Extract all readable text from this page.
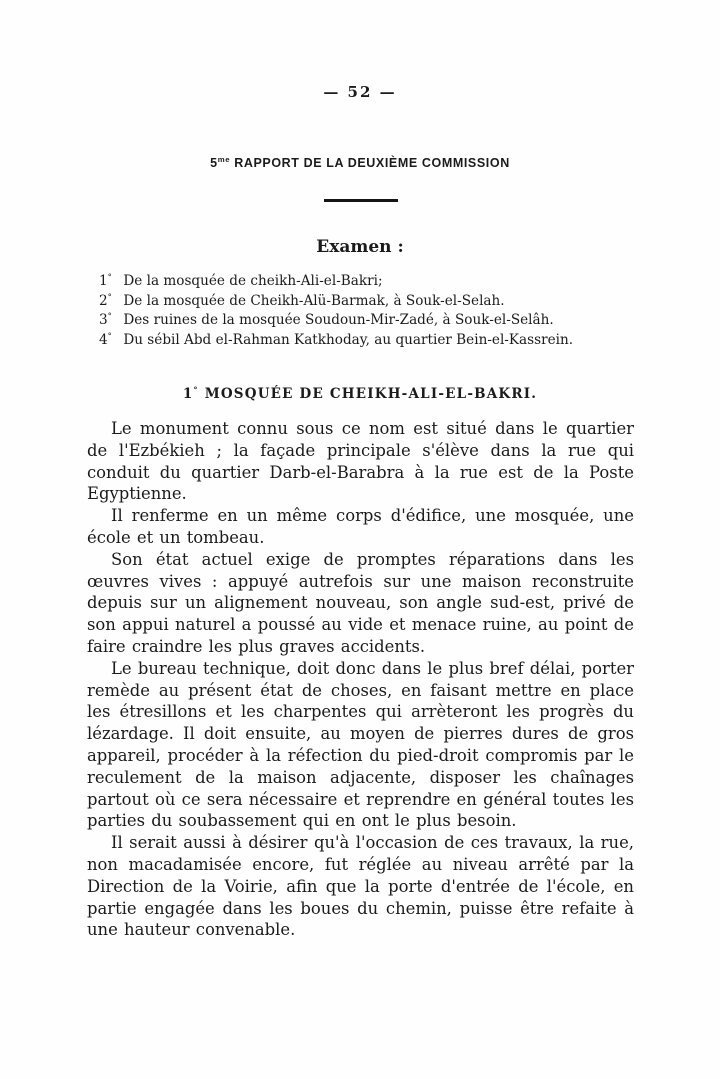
— 52 —
$5^{me}$ RAPPORT DE LA DEUXIÈME COMMISSION
Examen :
1° De la mosquée de cheikh-Ali-el-Bakri;
2° De la mosquée de Cheikh-Alü-Barmak, à Souk-el-Selah.
3° Des ruines de la mosquée Soudoun-Mir-Zadé, à Souk-el-Selâh.
4° Du sébil Abd el-Rahman Katkhoday, au quartier Bein-el-Kassrein.
1° MOSQUÉE DE CHEIKH-ALI-EL-BAKRI.

Le monument connu sous ce nom est situé dans le quartier de l'Ezbékieh ; la façade principale s'élève dans la rue qui conduit du quartier Darb-el-Barabra à la rue est de la Poste Egyptienne.

Il renferme en un même corps d'édifice, une mosquée, une école et un tombeau.

Son état actuel exige de promptes réparations dans les œuvres vives : appuyé autrefois sur une maison reconstruite depuis sur un alignement nouveau, son angle sud-est, privé de son appui naturel a poussé au vide et menace ruine, au point de faire craindre les plus graves accidents.

Le bureau technique, doit donc dans le plus bref délai, porter remède au présent état de choses, en faisant mettre en place les étresillons et les charpentes qui arrèteront les progrès du lézardage. Il doit ensuite, au moyen de pierres dures de gros appareil, procéder à la réfection du pied-droit compromis par le reculement de la maison adjacente, disposer les chaînages partout où ce sera nécessaire et reprendre en général toutes les parties du soubassement qui en ont le plus besoin.

Il serait aussi à désirer qu'à l'occasion de ces travaux, la rue, non macadamisée encore, fut réglée au niveau arrêté par la Direction de la Voirie, afin que la porte d'entrée de l'école, en partie engagée dans les boues du chemin, puisse être refaite à une hauteur convenable.
